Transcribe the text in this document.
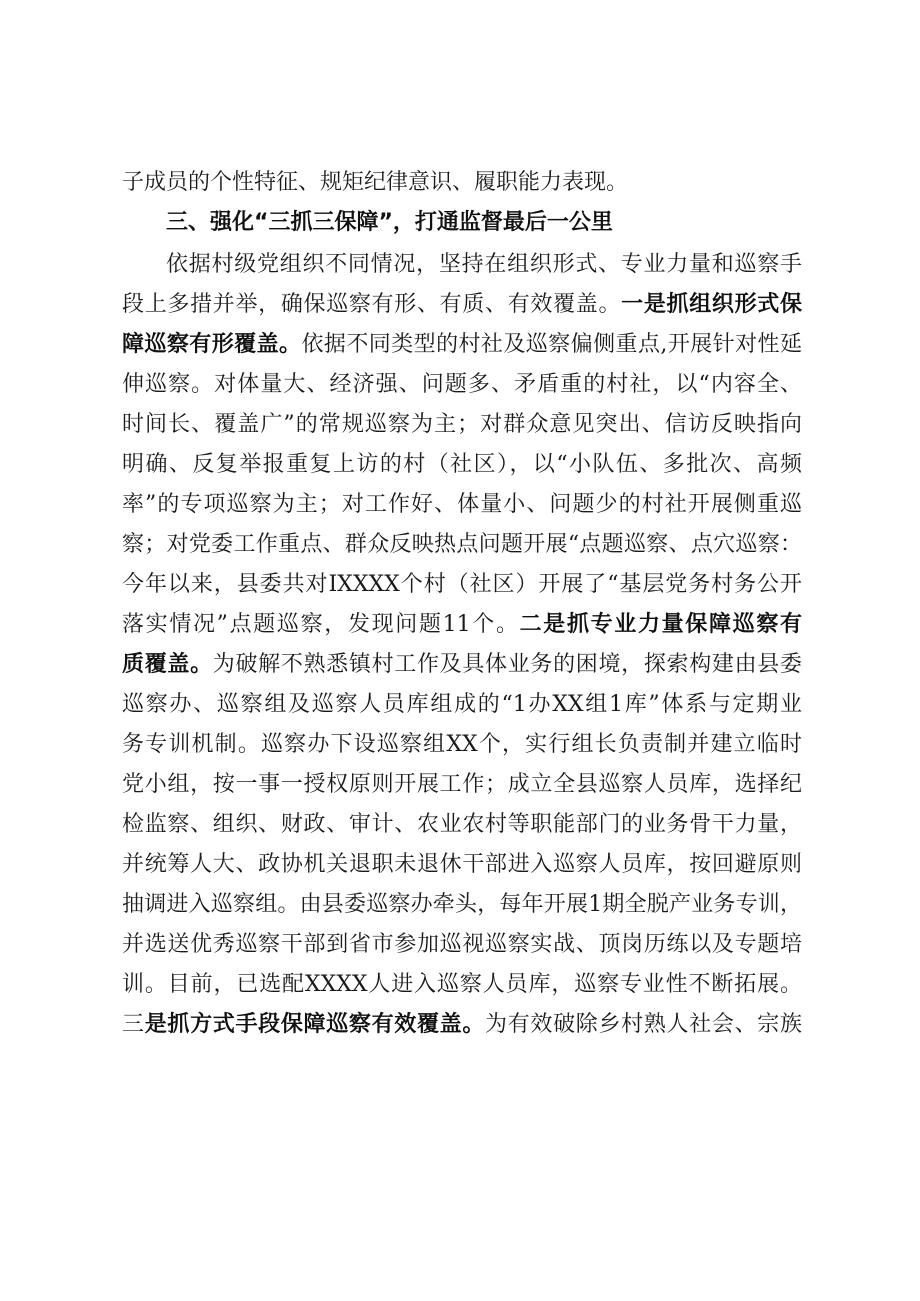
三、强化“三抓三保障”，打通监督最后一公里
子成员的个性特征、规矩纪律意识、履职能力表现。
依据村级党组织不同情况，坚持在组织形式、专业力量和巡察手
段上多措并举，确保巡察有形、有质、有效覆盖。一是抓组织形式保
障巡察有形覆盖。依据不同类型的村社及巡察偏侧重点,开展针对性延
伸巡察。对体量大、经济强、问题多、矛盾重的村社，以“内容全、
时间长、覆盖广”的常规巡察为主；对群众意见突出、信访反映指向
明确、反复举报重复上访的村（社区），以“小队伍、多批次、高频
率”的专项巡察为主；对工作好、体量小、问题少的村社开展侧重巡
察；对党委工作重点、群众反映热点问题开展“点题巡察、点穴巡察：
今年以来，县委共对IXXXX个村（社区）开展了“基层党务村务公开
落实情况”点题巡察，发现问题11个。二是抓专业力量保障巡察有
质覆盖。为破解不熟悉镇村工作及具体业务的困境，探索构建由县委
巡察办、巡察组及巡察人员库组成的“1办XX组1库”体系与定期业
务专训机制。巡察办下设巡察组XX个，实行组长负责制并建立临时
党小组，按一事一授权原则开展工作；成立全县巡察人员库，选择纪
检监察、组织、财政、审计、农业农村等职能部门的业务骨干力量，
并统筹人大、政协机关退职未退休干部进入巡察人员库，按回避原则
抽调进入巡察组。由县委巡察办牵头，每年开展1期全脱产业务专训，
并选送优秀巡察干部到省市参加巡视巡察实战、顶岗历练以及专题培
训。目前，已选配XXXX人进入巡察人员库，巡察专业性不断拓展。
三是抓方式手段保障巡察有效覆盖。为有效破除乡村熟人社会、宗族
